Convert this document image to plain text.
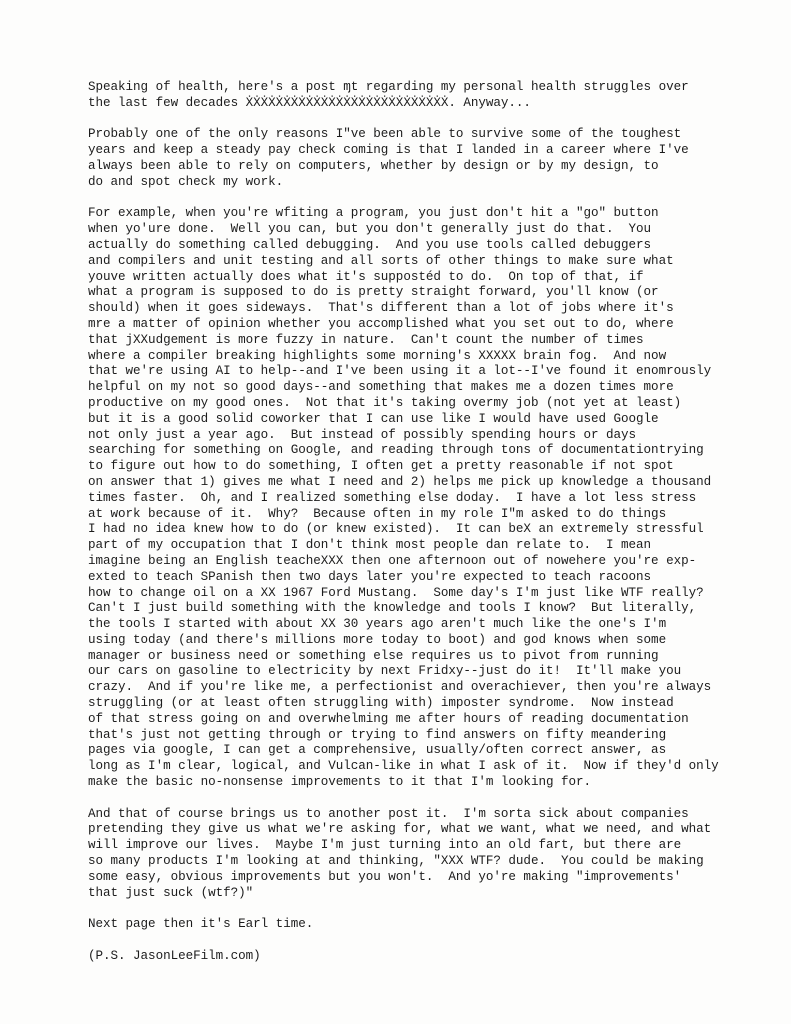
Speaking of health, here's a post ɱt regarding my personal health struggles over
the last few decades ẊẊẊẊẊẊẊẊẊẊẊẊẊẊẊẊẊẊẊẊẊẊẊẊẊẊẊ. Anyway...
Probably one of the only reasons I"ve been able to survive some of the toughest
years and keep a steady pay check coming is that I landed in a career where I've
always been able to rely on computers, whether by design or by my design, to
do and spot check my work.
For example, when you're wfiting a program, you just don't hit a "go" button
when yo'ure done.  Well you can, but you don't generally just do that.  You
actually do something called debugging.  And you use tools called debuggers
and compilers and unit testing and all sorts of other things to make sure what
youve written actually does what it's suppostéd to do.  On top of that, if
what a program is supposed to do is pretty straight forward, you'll know (or
should) when it goes sideways.  That's different than a lot of jobs where it's
mre a matter of opinion whether you accomplished what you set out to do, where
that jXXudgement is more fuzzy in nature.  Can't count the number of times
where a compiler breaking highlights some morning's XXXXX brain fog.  And now
that we're using AI to help--and I've been using it a lot--I've found it enomrously
helpful on my not so good days--and something that makes me a dozen times more
productive on my good ones.  Not that it's taking overmy job (not yet at least)
but it is a good solid coworker that I can use like I would have used Google
not only just a year ago.  But instead of possibly spending hours or days
searching for something on Google, and reading through tons of documentationtrying
to figure out how to do something, I often get a pretty reasonable if not spot
on answer that 1) gives me what I need and 2) helps me pick up knowledge a thousand
times faster.  Oh, and I realized something else doday.  I have a lot less stress
at work because of it.  Why?  Because often in my role I"m asked to do things
I had no idea knew how to do (or knew existed).  It can beX an extremely stressful
part of my occupation that I don't think most people dan relate to.  I mean
imagine being an English teacheXXX then one afternoon out of nowehere you're exp-
exted to teach SPanish then two days later you're expected to teach racoons
how to change oil on a XX 1967 Ford Mustang.  Some day's I'm just like WTF really?
Can't I just build something with the knowledge and tools I know?  But literally,
the tools I started with about XX 30 years ago aren't much like the one's I'm
using today (and there's millions more today to boot) and god knows when some
manager or business need or something else requires us to pivot from running
our cars on gasoline to electricity by next Fridxy--just do it!  It'll make you
crazy.  And if you're like me, a perfectionist and overachiever, then you're always
struggling (or at least often struggling with) imposter syndrome.  Now instead
of that stress going on and overwhelming me after hours of reading documentation
that's just not getting through or trying to find answers on fifty meandering
pages via google, I can get a comprehensive, usually/often correct answer, as
long as I'm clear, logical, and Vulcan-like in what I ask of it.  Now if they'd only
make the basic no-nonsense improvements to it that I'm looking for.
And that of course brings us to another post it.  I'm sorta sick about companies
pretending they give us what we're asking for, what we want, what we need, and what
will improve our lives.  Maybe I'm just turning into an old fart, but there are
so many products I'm looking at and thinking, "XXX WTF? dude.  You could be making
some easy, obvious improvements but you won't.  And yo're making "improvements'
that just suck (wtf?)"
Next page then it's Earl time.
(P.S. JasonLeeFilm.com)
